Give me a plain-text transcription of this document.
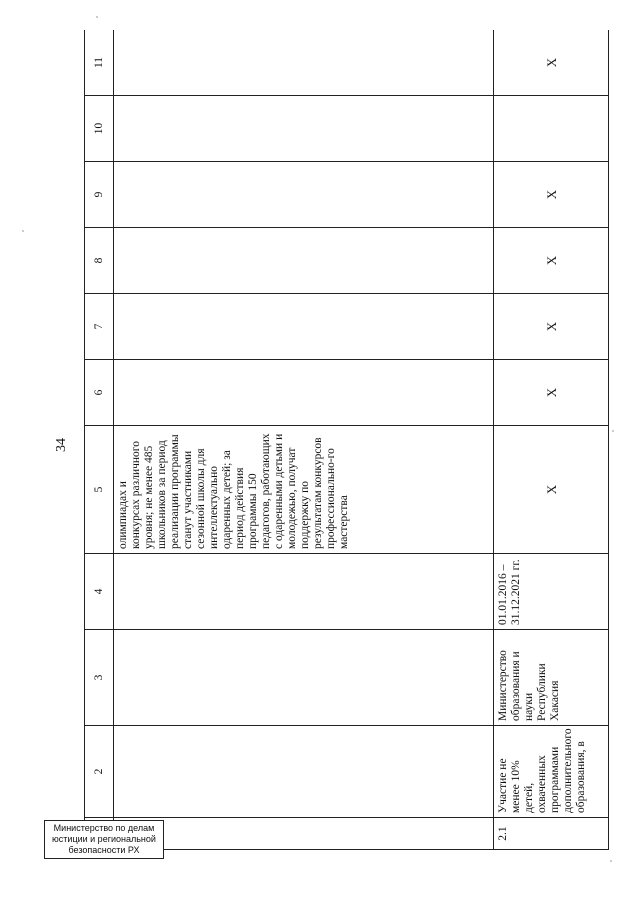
34
	2	3	4	5	6	7	8	9	10	11
				олимпиадах и конкурсах различного уровня; не менее 485 школьников за период реализации программы станут участниками сезонной школы для интеллектуально одаренных детей; за период действия программы 150 педагогов, работающих с одаренными детьми и молодежью, получат поддержку по результатам конкурсов профессионально-го мастерства						
2.1	Участие не менее 10% детей, охваченных программами дополнительного образования, в	Министерство образования и науки Республики Хакасия	01.01.2016 – 31.12.2021 гг.	Х	Х	Х	Х	Х		Х
Министерство по делам
юстиции и региональной
безопасности РХ
